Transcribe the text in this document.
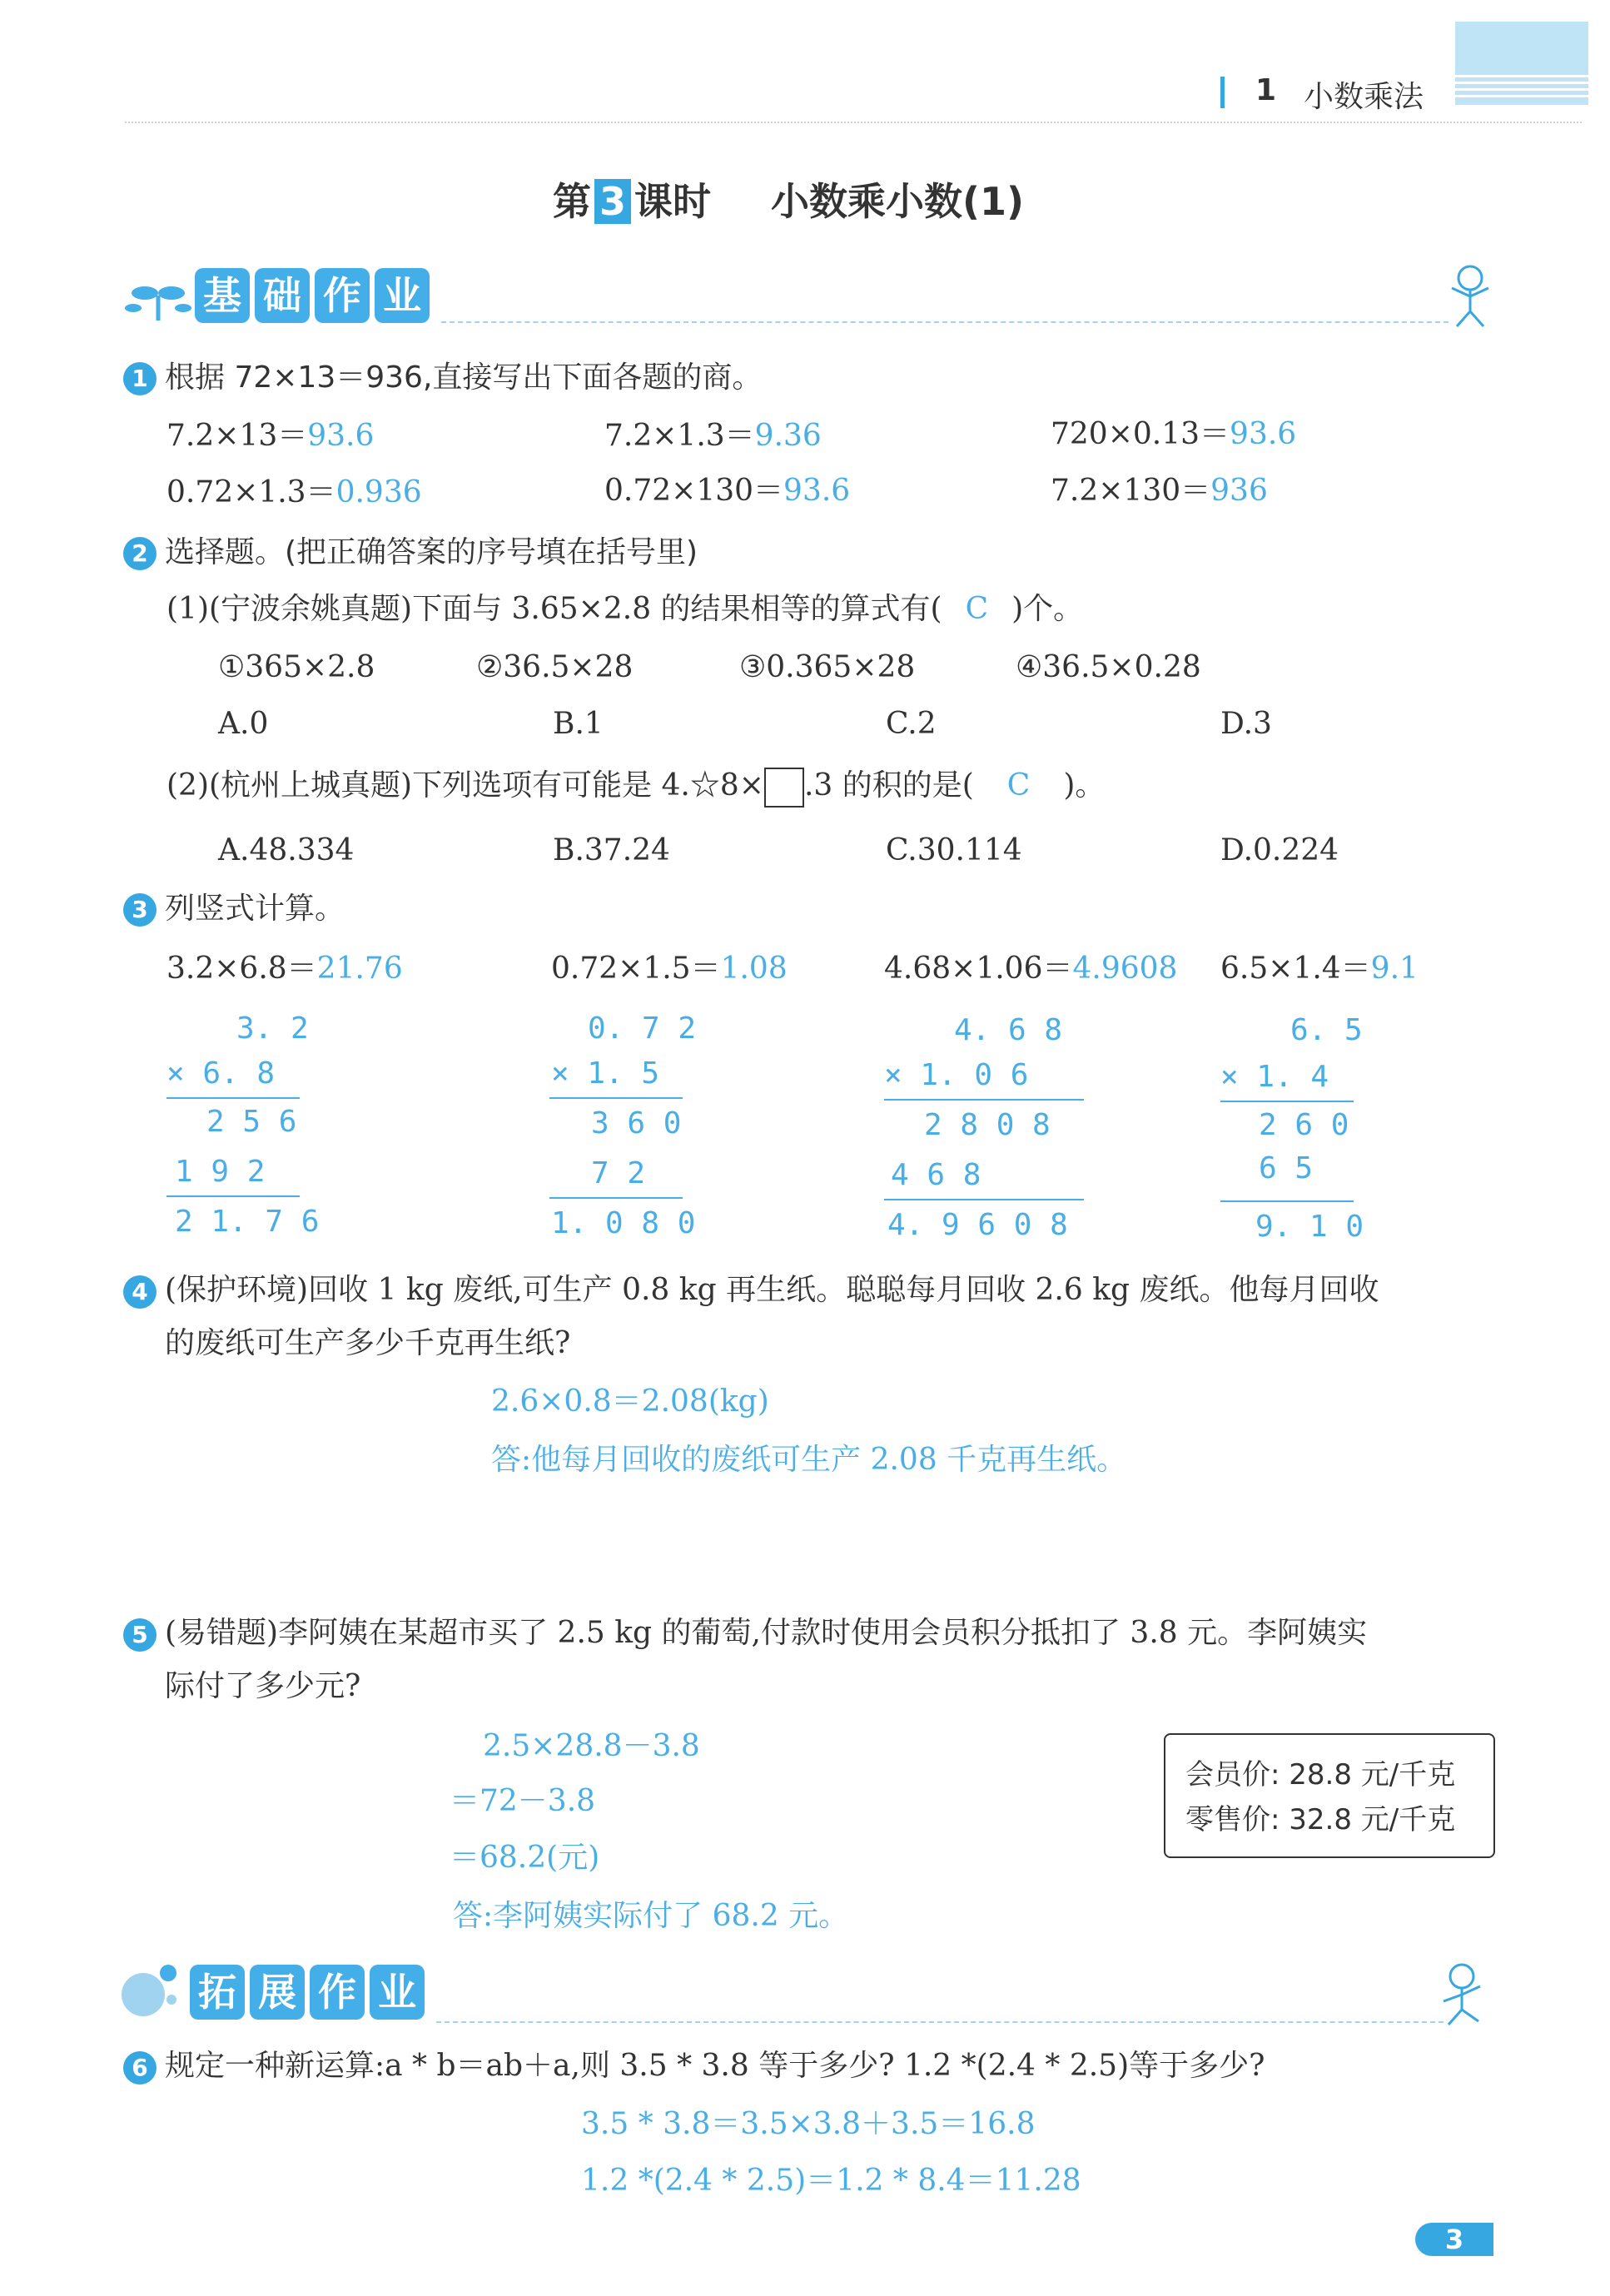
1 小数乘法
第 3 课时 小数乘小数(1)
基 础 作 业
1 根据 72×13＝936,直接写出下面各题的商。
7.2×13＝93.6	7.2×1.3＝9.36	720×0.13＝93.6
0.72×1.3＝0.936	0.72×130＝93.6	7.2×130＝936
2 选择题。(把正确答案的序号填在括号里)
(1)(宁波余姚真题)下面与 3.65×2.8 的结果相等的算式有( C )个。
①365×2.8	②36.5×28	③0.365×28	④36.5×0.28
A.0	B.1	C.2	D.3
(2)(杭州上城真题)下列选项有可能是 4.☆8× .3 的积的是( C )。
A.48.334	B.37.24	C.30.114	D.0.224
3 列竖式计算。
3.2×6.8＝21.76
3. 2
× 6. 8
2 5 6
1 9 2
2 1. 7 6
0.72×1.5＝1.08
0. 7 2
× 1. 5
3 6 0
7 2
1. 0 8 0
4.68×1.06＝4.9608
4. 6 8
× 1. 0 6
2 8 0 8
4 6 8
4. 9 6 0 8
6.5×1.4＝9.1
6. 5
× 1. 4
2 6 0
6 5
9. 1 0
4 (保护环境)回收 1 kg 废纸,可生产 0.8 kg 再生纸。聪聪每月回收 2.6 kg 废纸。他每月回收
的废纸可生产多少千克再生纸?
2.6×0.8＝2.08(kg)
答:他每月回收的废纸可生产 2.08 千克再生纸。
5 (易错题)李阿姨在某超市买了 2.5 kg 的葡萄,付款时使用会员积分抵扣了 3.8 元。李阿姨实
际付了多少元?
2.5×28.8－3.8
＝72－3.8
＝68.2(元)
答:李阿姨实际付了 68.2 元。
会员价: 28.8 元/千克
零售价: 32.8 元/千克
拓 展 作 业
6 规定一种新运算:a * b＝ab＋a,则 3.5 * 3.8 等于多少? 1.2 *(2.4 * 2.5)等于多少?
3.5 * 3.8＝3.5×3.8＋3.5＝16.8
1.2 *(2.4 * 2.5)＝1.2 * 8.4＝11.28
3
